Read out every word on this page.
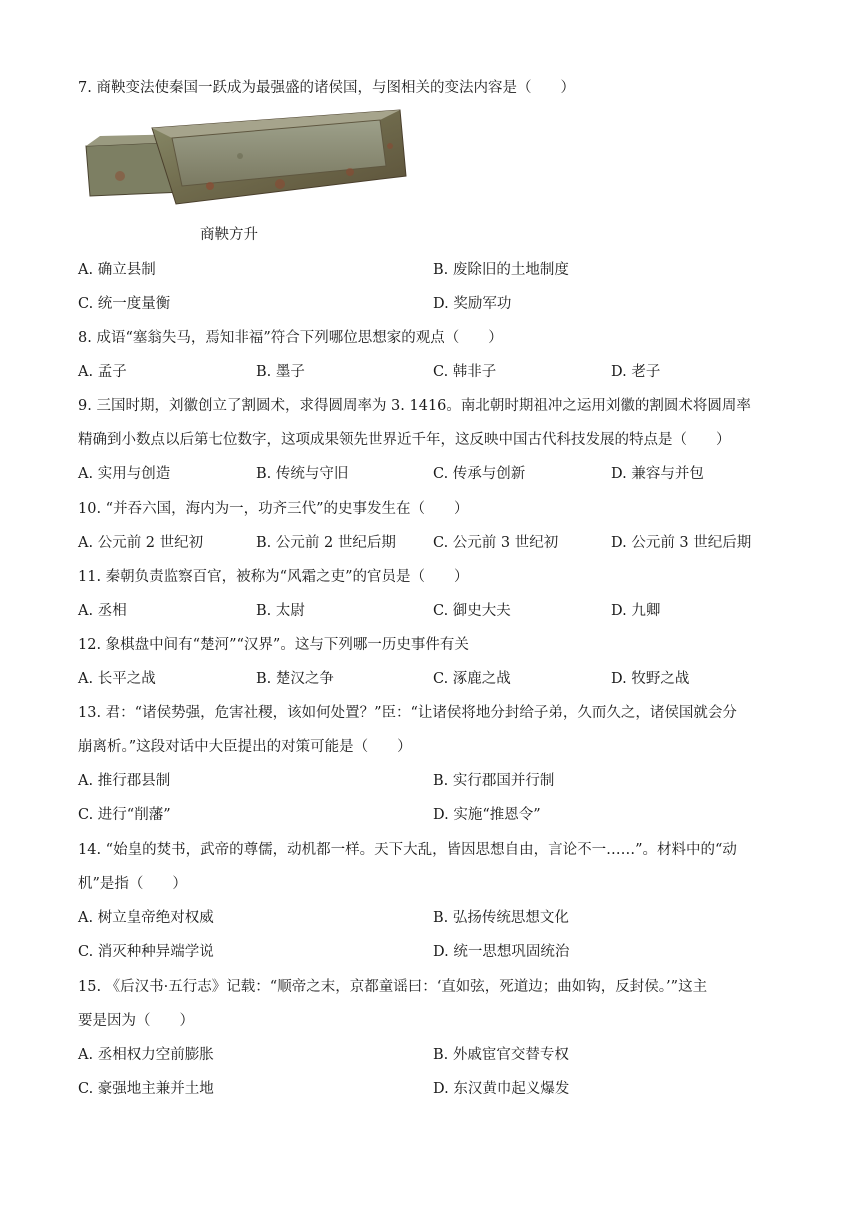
7. 商鞅变法使秦国一跃成为最强盛的诸侯国，与图相关的变法内容是（　　）
商鞅方升
A. 确立县制	B. 废除旧的土地制度
C. 统一度量衡	D. 奖励军功
8. 成语“塞翁失马，焉知非福”符合下列哪位思想家的观点（　　）
A. 孟子	B. 墨子	C. 韩非子	D. 老子
9. 三国时期，刘徽创立了割圆术，求得圆周率为 3. 1416。南北朝时期祖冲之运用刘徽的割圆术将圆周率
精确到小数点以后第七位数字，这项成果领先世界近千年，这反映中国古代科技发展的特点是（　　）
A. 实用与创造	B. 传统与守旧	C. 传承与创新	D. 兼容与并包
10. “并吞六国，海内为一，功齐三代”的史事发生在（　　）
A. 公元前 2 世纪初	B. 公元前 2 世纪后期	C. 公元前 3 世纪初	D. 公元前 3 世纪后期
11. 秦朝负责监察百官，被称为“风霜之吏”的官员是（　　）
A. 丞相	B. 太尉	C. 御史大夫	D. 九卿
12. 象棋盘中间有“楚河”“汉界”。这与下列哪一历史事件有关
A. 长平之战	B. 楚汉之争	C. 涿鹿之战	D. 牧野之战
13. 君：“诸侯势强，危害社稷，该如何处置？”臣：“让诸侯将地分封给子弟，久而久之，诸侯国就会分
崩离析。”这段对话中大臣提出的对策可能是（　　）
A. 推行郡县制	B. 实行郡国并行制
C. 进行“削藩”	D. 实施“推恩令”
14. “始皇的焚书，武帝的尊儒，动机都一样。天下大乱，皆因思想自由，言论不一……”。材料中的“动
机”是指（　　）
A. 树立皇帝绝对权威	B. 弘扬传统思想文化
C. 消灭种种异端学说	D. 统一思想巩固统治
15. 《后汉书·五行志》记载：“顺帝之末，京都童谣曰：‘直如弦，死道边；曲如钩，反封侯。’”这主
要是因为（　　）
A. 丞相权力空前膨胀	B. 外戚宦官交替专权
C. 豪强地主兼并土地	D. 东汉黄巾起义爆发
